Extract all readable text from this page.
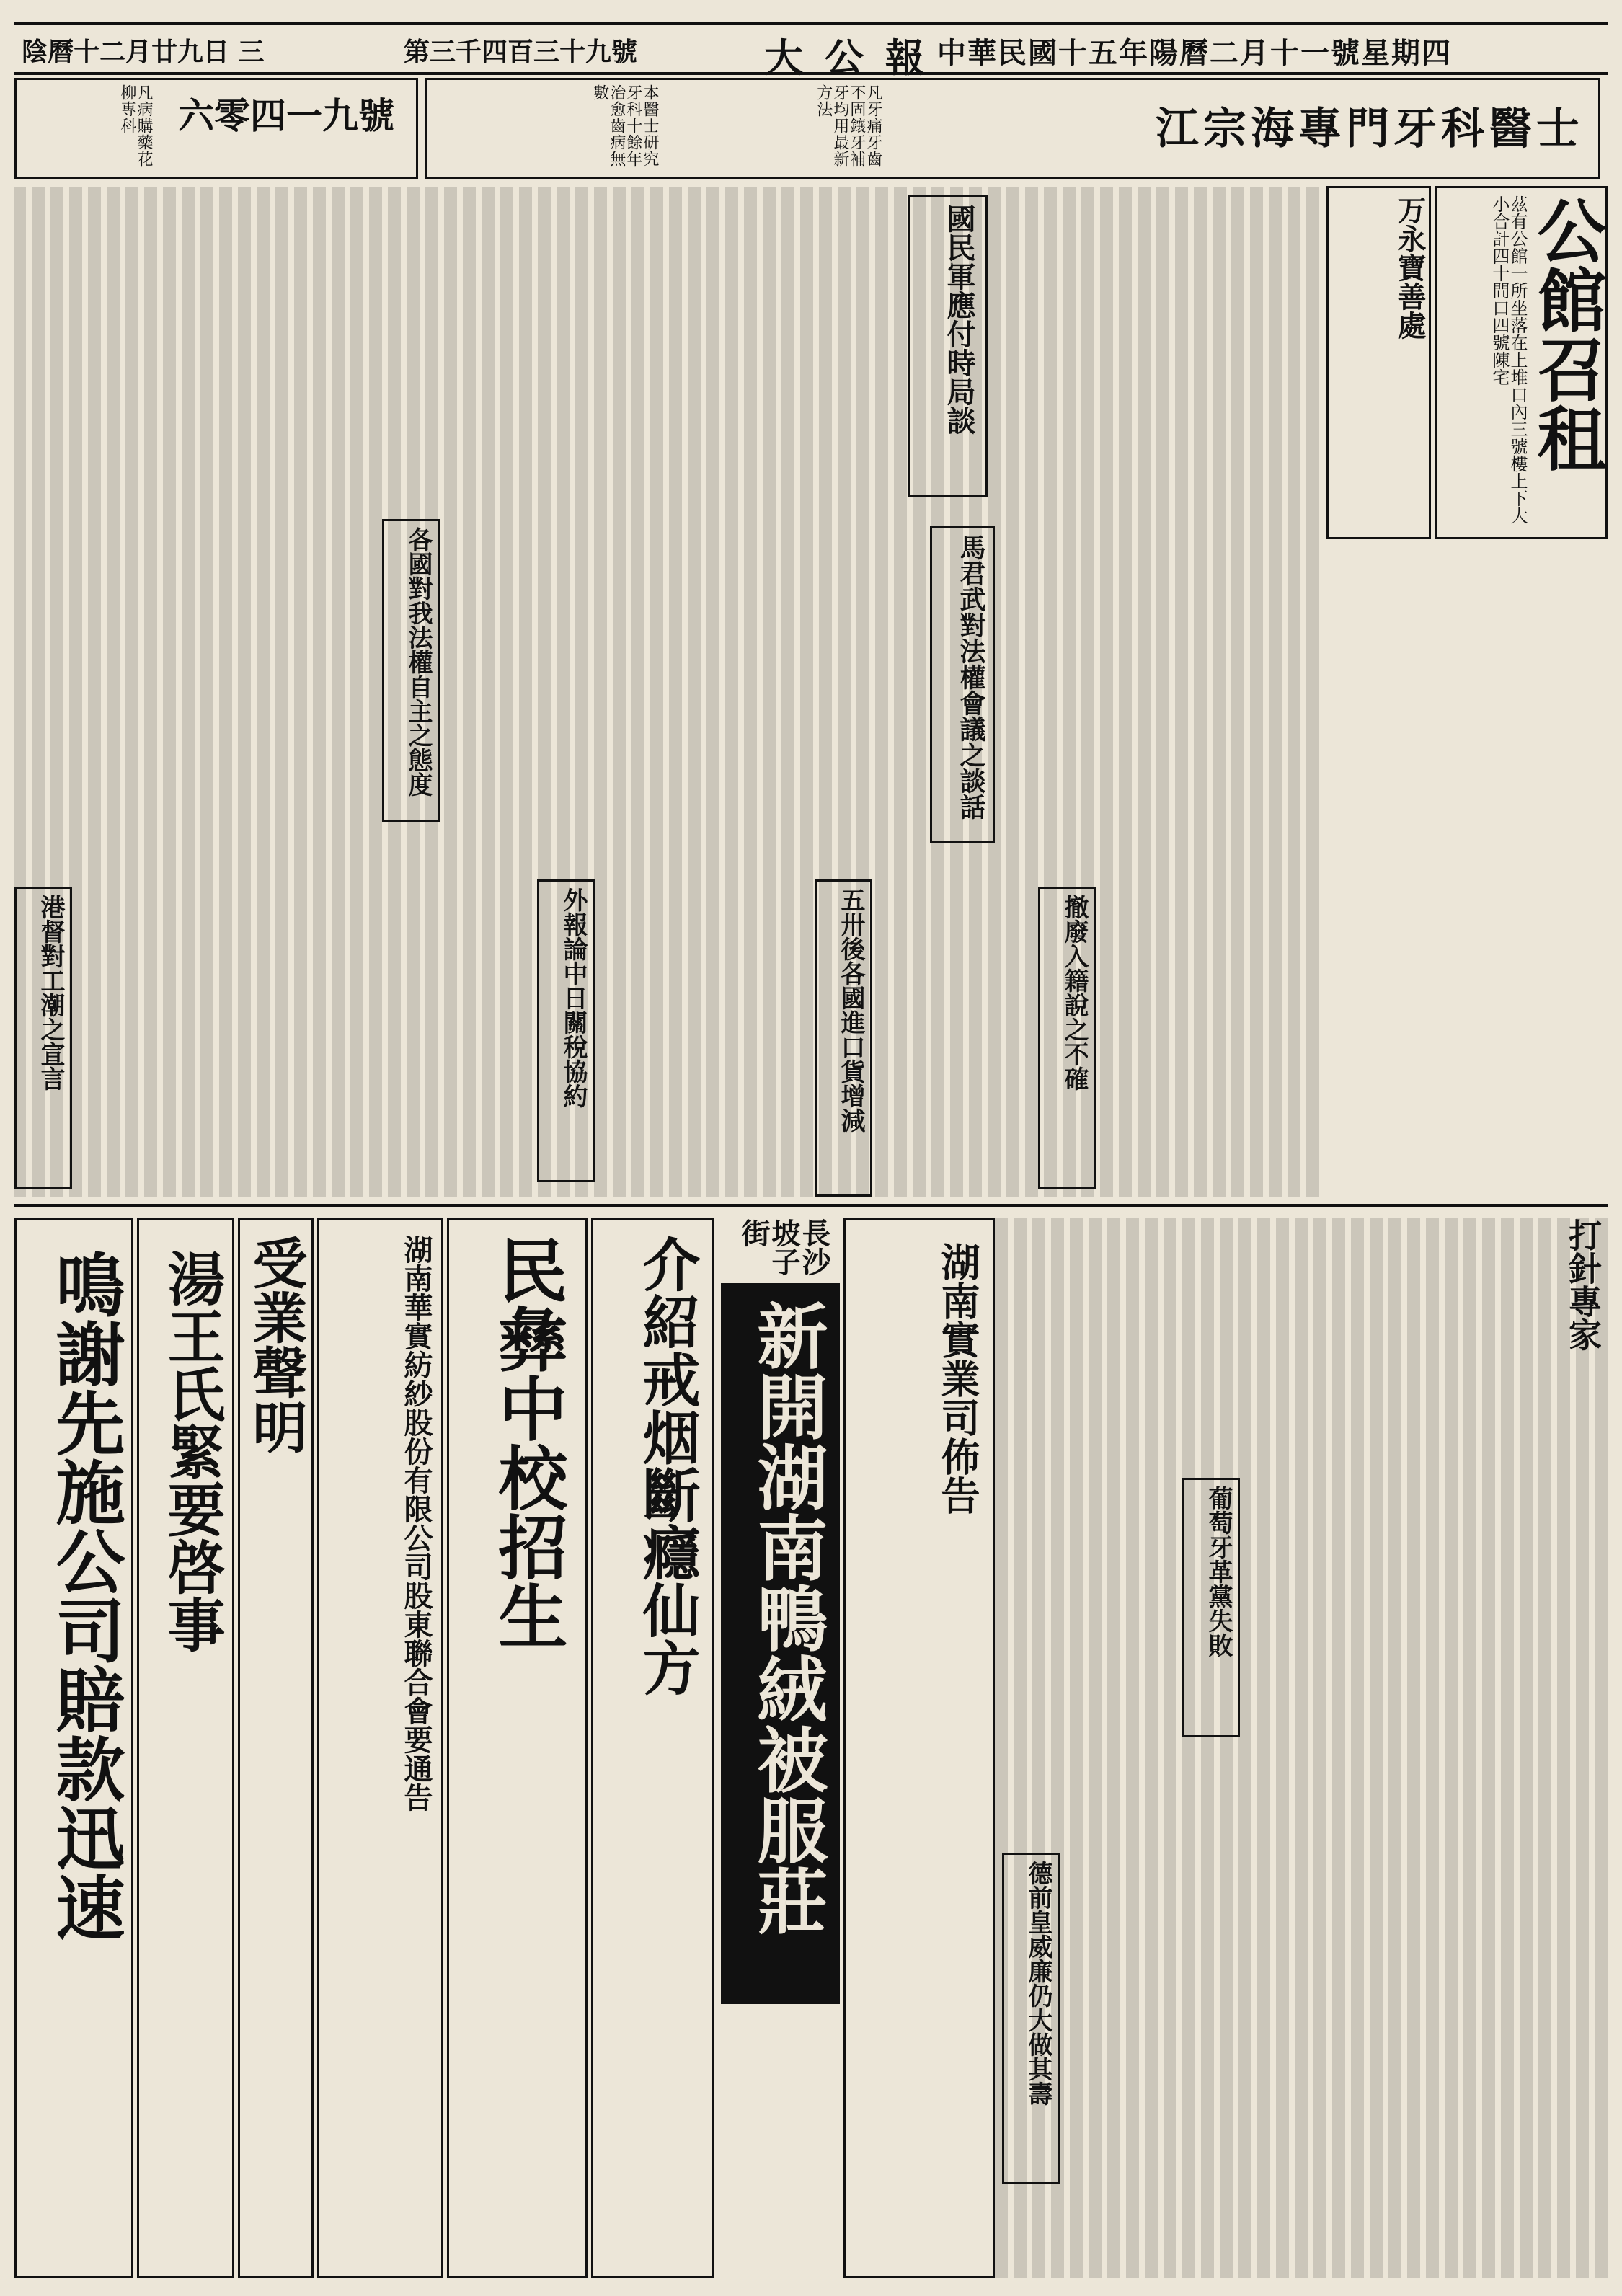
中華民國十五年陽曆二月十一號星期四
大公報
第三千四百三十九號
陰曆十二月廿九日 三
江宗海專門牙科醫士
本醫士研究牙科十餘年治愈齒病無數	凡牙痛牙齒不固鑲牙補牙均用最新方法
六零四一九號
凡病購藥花柳專科
公館召租
茲有公館一所坐落在上堆口內三號樓上下大小合計四十間口四號陳宅
万永寶善處
國民軍應付時局談
馬君武對法權會議之談話
各國對我法權自主之態度
外報論中日關稅協約	五卅後各國進口貨增減	撤廢入籍說之不確
港督對工潮之宣言
葡萄牙革黨失敗
德前皇威廉仍大做其壽
湖南實業司佈告
新開湖南鴨絨被服莊
長沙坡子街
介紹戒烟斷癮仙方
民彝中校招生
湖南華實紡紗股份有限公司股東聯合會要通告
受業聲明
湯王氏緊要啓事
鳴謝先施公司賠款迅速	打針專家
